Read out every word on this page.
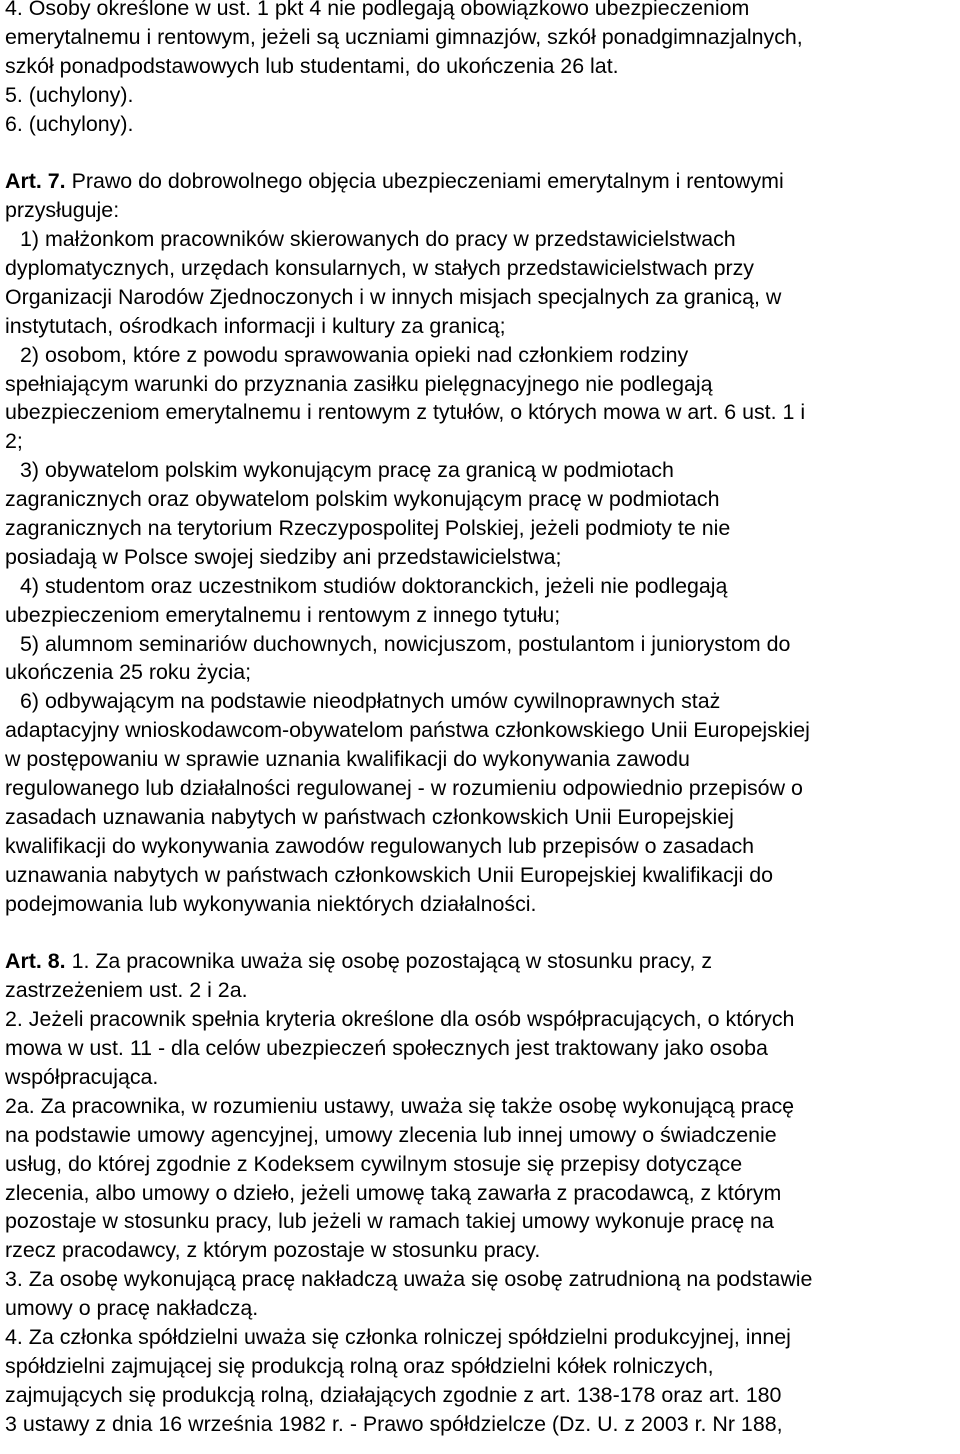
4. Osoby określone w ust. 1 pkt 4 nie podlegają obowiązkowo ubezpieczeniom
emerytalnemu i rentowym, jeżeli są uczniami gimnazjów, szkół ponadgimnazjalnych,
szkół ponadpodstawowych lub studentami, do ukończenia 26 lat.
5. (uchylony).
6. (uchylony).
Art. 7. Prawo do dobrowolnego objęcia ubezpieczeniami emerytalnym i rentowymi
przysługuje:
1) małżonkom pracowników skierowanych do pracy w przedstawicielstwach
dyplomatycznych, urzędach konsularnych, w stałych przedstawicielstwach przy
Organizacji Narodów Zjednoczonych i w innych misjach specjalnych za granicą, w
instytutach, ośrodkach informacji i kultury za granicą;
2) osobom, które z powodu sprawowania opieki nad członkiem rodziny
spełniającym warunki do przyznania zasiłku pielęgnacyjnego nie podlegają
ubezpieczeniom emerytalnemu i rentowym z tytułów, o których mowa w art. 6 ust. 1 i
2;
3) obywatelom polskim wykonującym pracę za granicą w podmiotach
zagranicznych oraz obywatelom polskim wykonującym pracę w podmiotach
zagranicznych na terytorium Rzeczypospolitej Polskiej, jeżeli podmioty te nie
posiadają w Polsce swojej siedziby ani przedstawicielstwa;
4) studentom oraz uczestnikom studiów doktoranckich, jeżeli nie podlegają
ubezpieczeniom emerytalnemu i rentowym z innego tytułu;
5) alumnom seminariów duchownych, nowicjuszom, postulantom i juniorystom do
ukończenia 25 roku życia;
6) odbywającym na podstawie nieodpłatnych umów cywilnoprawnych staż
adaptacyjny wnioskodawcom-obywatelom państwa członkowskiego Unii Europejskiej
w postępowaniu w sprawie uznania kwalifikacji do wykonywania zawodu
regulowanego lub działalności regulowanej - w rozumieniu odpowiednio przepisów o
zasadach uznawania nabytych w państwach członkowskich Unii Europejskiej
kwalifikacji do wykonywania zawodów regulowanych lub przepisów o zasadach
uznawania nabytych w państwach członkowskich Unii Europejskiej kwalifikacji do
podejmowania lub wykonywania niektórych działalności.
Art. 8. 1. Za pracownika uważa się osobę pozostającą w stosunku pracy, z
zastrzeżeniem ust. 2 i 2a.
2. Jeżeli pracownik spełnia kryteria określone dla osób współpracujących, o których
mowa w ust. 11 - dla celów ubezpieczeń społecznych jest traktowany jako osoba
współpracująca.
2a. Za pracownika, w rozumieniu ustawy, uważa się także osobę wykonującą pracę
na podstawie umowy agencyjnej, umowy zlecenia lub innej umowy o świadczenie
usług, do której zgodnie z Kodeksem cywilnym stosuje się przepisy dotyczące
zlecenia, albo umowy o dzieło, jeżeli umowę taką zawarła z pracodawcą, z którym
pozostaje w stosunku pracy, lub jeżeli w ramach takiej umowy wykonuje pracę na
rzecz pracodawcy, z którym pozostaje w stosunku pracy.
3. Za osobę wykonującą pracę nakładczą uważa się osobę zatrudnioną na podstawie
umowy o pracę nakładczą.
4. Za członka spółdzielni uważa się członka rolniczej spółdzielni produkcyjnej, innej
spółdzielni zajmującej się produkcją rolną oraz spółdzielni kółek rolniczych,
zajmujących się produkcją rolną, działających zgodnie z art. 138-178 oraz art. 180
3 ustawy z dnia 16 września 1982 r. - Prawo spółdzielcze (Dz. U. z 2003 r. Nr 188,
